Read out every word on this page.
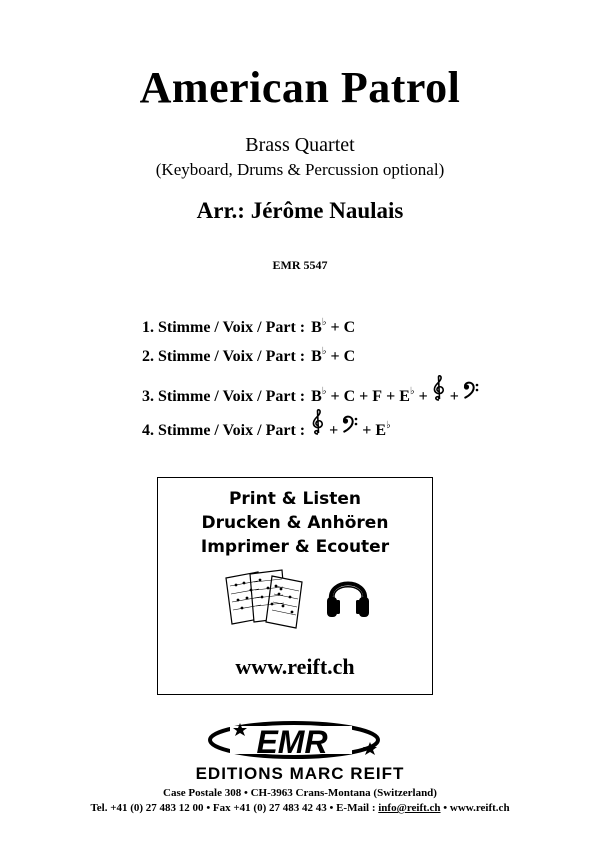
American Patrol
Brass Quartet
(Keyboard, Drums & Percussion optional)
Arr.: Jérôme Naulais
EMR 5547
1. Stimme / Voix / Part : B♭ + C
2. Stimme / Voix / Part : B♭ + C
3. Stimme / Voix / Part : B♭ + C + F + E♭ + +
4. Stimme / Voix / Part : + + E♭
Print & Listen
Drucken & Anhören
Imprimer & Ecouter
www.reift.ch
EMR
EDITIONS MARC REIFT
Case Postale 308 • CH-3963 Crans-Montana (Switzerland)
Tel. +41 (0) 27 483 12 00 • Fax +41 (0) 27 483 42 43 • E-Mail : info@reift.ch • www.reift.ch
